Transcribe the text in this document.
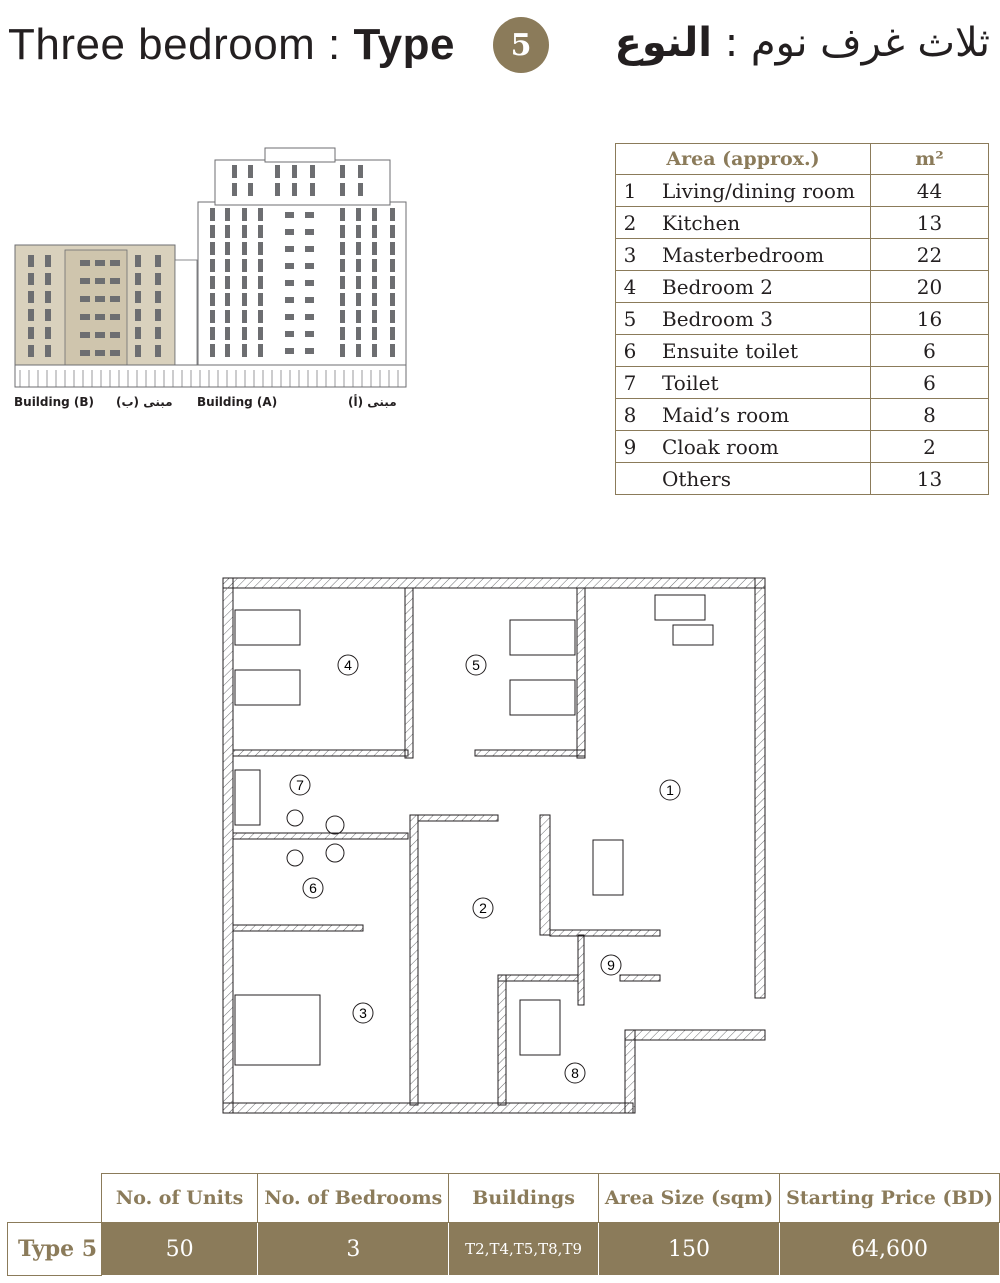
Three bedroom : Type	5	ثلاث غرف نوم : النوع
Building (B) مبنى (ب) Building (A)	مبنى (أ)
Area (approx.)		m²
1	Living/dining room	44
2	Kitchen	13
3	Masterbedroom	22
4	Bedroom 2	20
5	Bedroom 3	16
6	Ensuite toilet	6
7	Toilet	6
8	Maid’s room	8
9	Cloak room	2
	Others	13
1
2
3
4	5
6
7
8
9
	No. of Units	No. of Bedrooms	Buildings	Area Size (sqm)	Starting Price (BD)
Type 5	50	3	T2,T4,T5,T8,T9	150	64,600
